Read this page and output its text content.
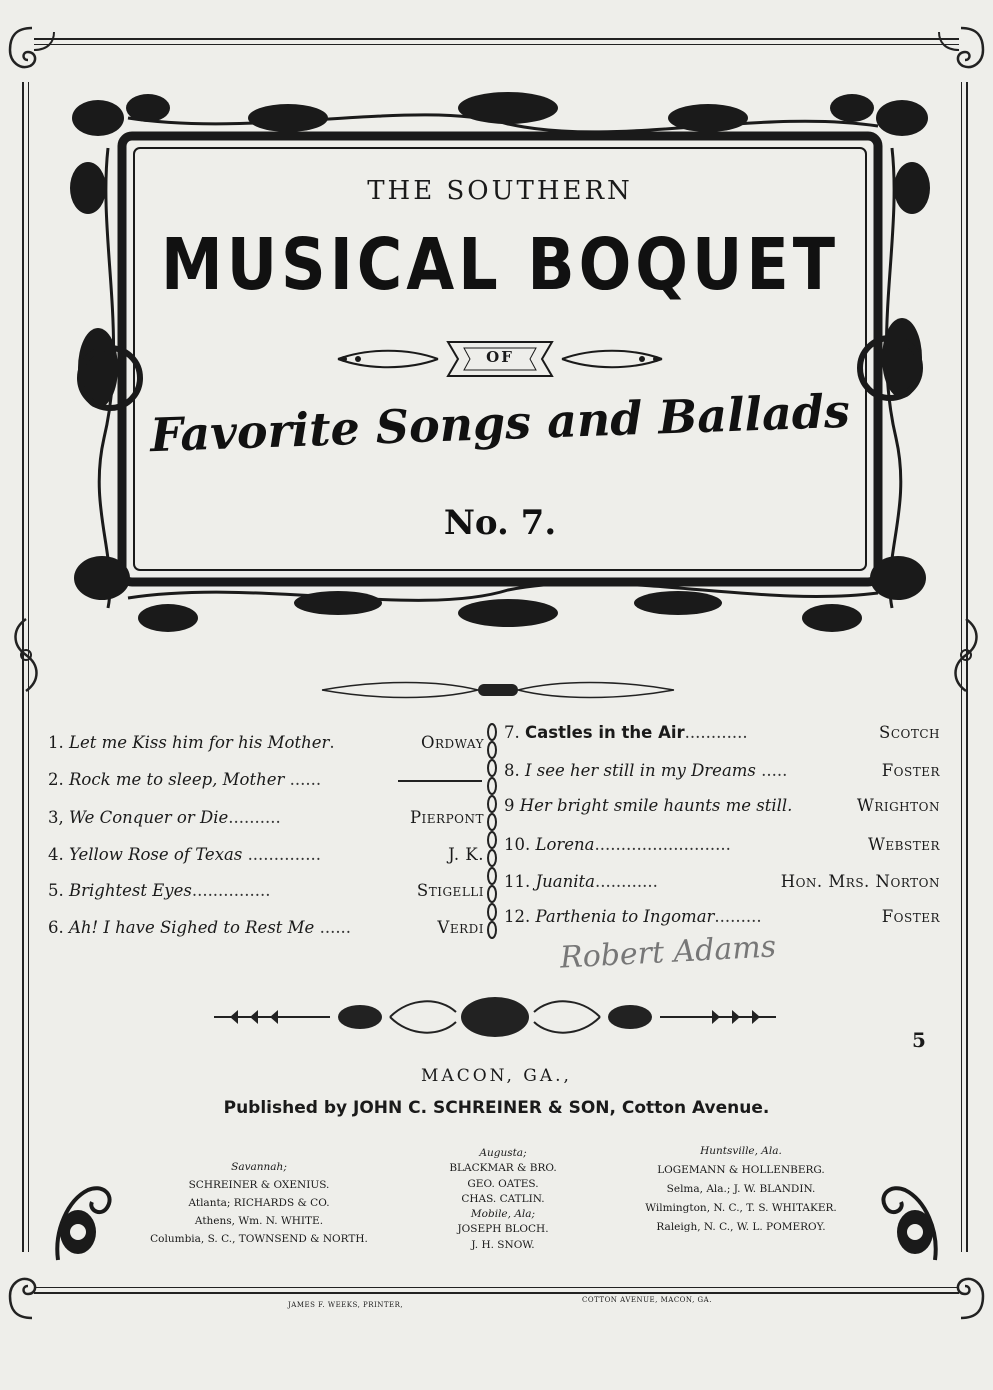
THE SOUTHERN
MUSICAL BOQUET
OF
Favorite Songs and Ballads
No. 7.
1. Let me Kiss him for his Mother.	Ordway
2. Rock me to sleep, Mother ......
3, We Conquer or Die..........	Pierpont
4. Yellow Rose of Texas ..............	J. K.
5. Brightest Eyes...............	Stigelli
6. Ah! I have Sighed to Rest Me ......	Verdi
7. Castles in the Air............	Scotch
8. I see her still in my Dreams .....	Foster
9 Her bright smile haunts me still.	Wrighton
10. Lorena..........................	Webster
11. Juanita............	Hon. Mrs. Norton
12. Parthenia to Ingomar.........	Foster
Robert Adams
5
MACON, GA.,
Published by JOHN C. SCHREINER & SON, Cotton Avenue.
Savannah;
SCHREINER & OXENIUS.
Atlanta; RICHARDS & CO.
Athens, Wm. N. WHITE.
Columbia, S. C., TOWNSEND & NORTH.
Augusta;
BLACKMAR & BRO.
GEO. OATES.
CHAS. CATLIN.
Mobile, Ala;
JOSEPH BLOCH.
J. H. SNOW.
Huntsville, Ala.
LOGEMANN & HOLLENBERG.
Selma, Ala.; J. W. BLANDIN.
Wilmington, N. C., T. S. WHITAKER.
Raleigh, N. C., W. L. POMEROY.
JAMES F. WEEKS, PRINTER,
COTTON AVENUE, MACON, GA.
